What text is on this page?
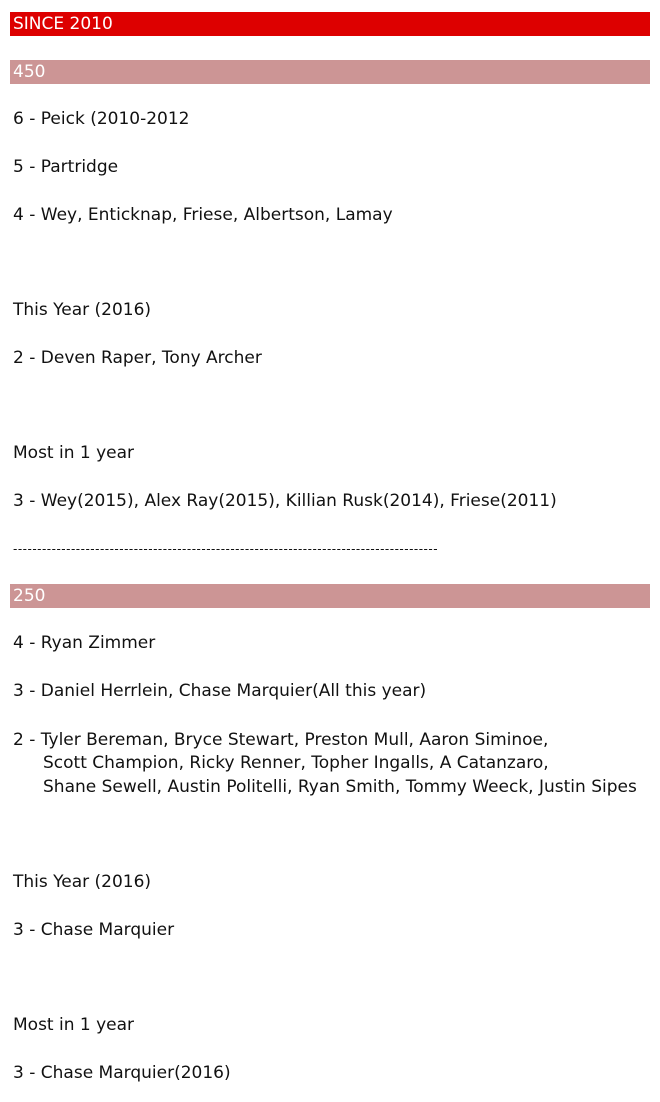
SINCE 2010
450
6 - Peick (2010-2012
5 - Partridge
4 - Wey, Enticknap, Friese, Albertson, Lamay
This Year (2016)
2 - Deven Raper, Tony Archer
Most in 1 year
3 - Wey(2015), Alex Ray(2015), Killian Rusk(2014), Friese(2011)
----------------------------------------------------------------------------------------
250
4 - Ryan Zimmer
3 - Daniel Herrlein, Chase Marquier(All this year)
2 - Tyler Bereman, Bryce Stewart, Preston Mull, Aaron Siminoe,
Scott Champion, Ricky Renner, Topher Ingalls, A Catanzaro,
Shane Sewell, Austin Politelli, Ryan Smith, Tommy Weeck, Justin Sipes
This Year (2016)
3 - Chase Marquier
Most in 1 year
3 - Chase Marquier(2016)
